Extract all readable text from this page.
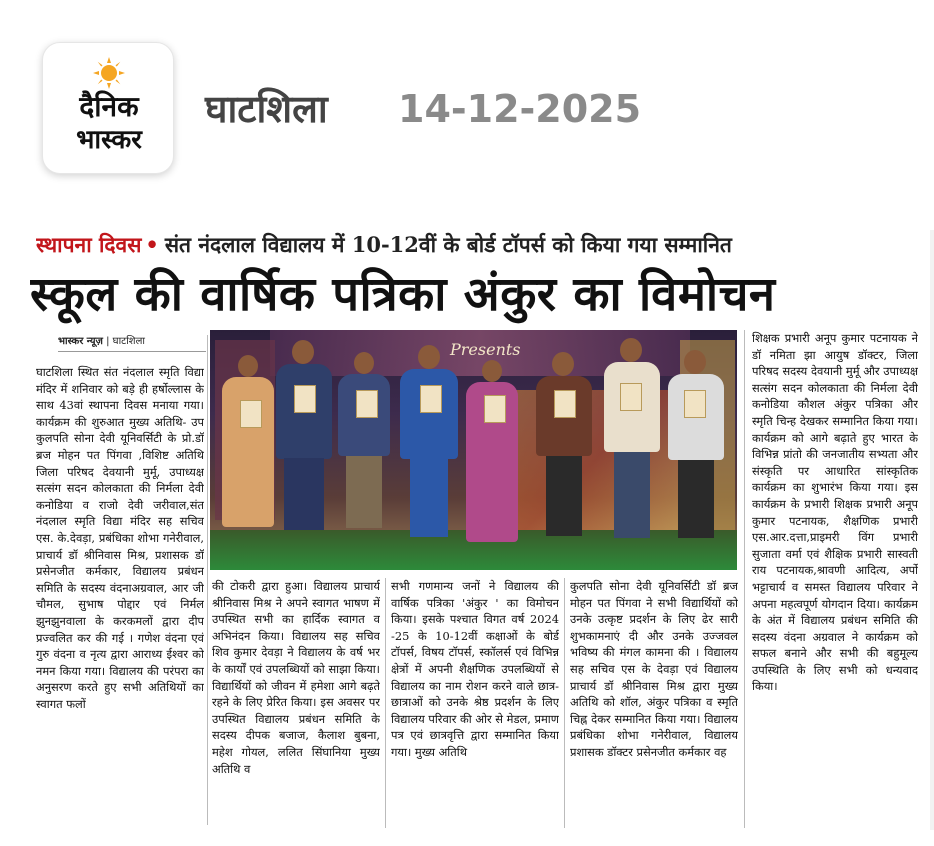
दैनिक
भास्कर
घाटशिला 14-12-2025
स्थापना दिवस • संत नंदलाल विद्यालय में 10-12वीं के बोर्ड टॉपर्स को किया गया सम्मानित
स्कूल की वार्षिक पत्रिका अंकुर का विमोचन
भास्कर न्यूज़ | घाटशिला

घाटशिला स्थित संत नंदलाल स्मृति विद्या मंदिर में शनिवार को बड़े ही हर्षोल्लास के साथ 43वां स्थापना दिवस मनाया गया। कार्यक्रम की शुरुआत मुख्य अतिथि- उप कुलपति सोना देवी यूनिवर्सिटी के प्रो.डॉ ब्रज मोहन पत पिंगवा ,विशिष्ट अतिथि जिला परिषद देवयानी मुर्मू, उपाध्यक्ष सत्संग सदन कोलकाता की निर्मला देवी कनोडिया व राजो देवी जरीवाल,संत नंदलाल स्मृति विद्या मंदिर सह सचिव एस. के.देवड़ा, प्रबंधिका शोभा गनेरीवाल, प्राचार्य डॉ श्रीनिवास मिश्र, प्रशासक डॉ प्रसेनजीत कर्मकार, विद्यालय प्रबंधन समिति के सदस्य वंदनाअग्रवाल, आर जी चौमल, सुभाष पोद्दार एवं निर्मल झुनझुनवाला के करकमलों द्वारा दीप प्रज्वलित कर की गई । गणेश वंदना एवं गुरु वंदना व नृत्य द्वारा आराध्य ईश्वर को नमन किया गया। विद्यालय की परंपरा का अनुसरण करते हुए सभी अतिथियों का स्वागत फलों

Presents

की टोकरी द्वारा हुआ। विद्यालय प्राचार्य श्रीनिवास मिश्र ने अपने स्वागत भाषण में उपस्थित सभी का हार्दिक स्वागत व अभिनंदन किया। विद्यालय सह सचिव शिव कुमार देवड़ा ने विद्यालय के वर्ष भर के कार्यों एवं उपलब्धियों को साझा किया। विद्यार्थियों को जीवन में हमेशा आगे बढ़ते रहने के लिए प्रेरित किया। इस अवसर पर उपस्थित विद्यालय प्रबंधन समिति के सदस्य दीपक बजाज, कैलाश बुबना, महेश गोयल, ललित सिंघानिया मुख्य अतिथि व

सभी गणमान्य जनों ने विद्यालय की वार्षिक पत्रिका 'अंकुर ' का विमोचन किया। इसके पश्चात विगत वर्ष 2024 -25 के 10-12वीं कक्षाओं के बोर्ड टॉपर्स, विषय टॉपर्स, स्कॉलर्स एवं विभिन्न क्षेत्रों में अपनी शैक्षणिक उपलब्धियों से विद्यालय का नाम रोशन करने वाले छात्र-छात्राओं को उनके श्रेष्ठ प्रदर्शन के लिए विद्यालय परिवार की ओर से मेडल, प्रमाण पत्र एवं छात्रवृत्ति द्वारा सम्मानित किया गया। मुख्य अतिथि

कुलपति सोना देवी यूनिवर्सिटी डॉ ब्रज मोहन पत पिंगवा ने सभी विद्यार्थियों को उनके उत्कृष्ट प्रदर्शन के लिए ढेर सारी शुभकामनाएं दी और उनके उज्जवल भविष्य की मंगल कामना की । विद्यालय सह सचिव एस के देवड़ा एवं विद्यालय प्राचार्य डॉ श्रीनिवास मिश्र द्वारा मुख्य अतिथि को शॉल, अंकुर पत्रिका व स्मृति चिह्न देकर सम्मानित किया गया। विद्यालय प्रबंधिका शोभा गनेरीवाल, विद्यालय प्रशासक डॉक्टर प्रसेनजीत कर्मकार वह

शिक्षक प्रभारी अनूप कुमार पटनायक ने डॉ नमिता झा आयुष डॉक्टर, जिला परिषद सदस्य देवयानी मुर्मू और उपाध्यक्ष सत्संग सदन कोलकाता की निर्मला देवी कनोडिया कौशल अंकुर पत्रिका और स्मृति चिन्ह देखकर सम्मानित किया गया। कार्यक्रम को आगे बढ़ाते हुए भारत के विभिन्न प्रांतो की जनजातीय सभ्यता और संस्कृति पर आधारित सांस्कृतिक कार्यक्रम का शुभारंभ किया गया। इस कार्यक्रम के प्रभारी शिक्षक प्रभारी अनूप कुमार पटनायक, शैक्षणिक प्रभारी एस.आर.दत्ता,प्राइमरी विंग प्रभारी सुजाता वर्मा एवं शैक्षिक प्रभारी सास्वती राय पटनायक,श्रावणी आदित्य, अर्पो भट्टाचार्य व समस्त विद्यालय परिवार ने अपना महत्वपूर्ण योगदान दिया। कार्यक्रम के अंत में विद्यालय प्रबंधन समिति की सदस्य वंदना अग्रवाल ने कार्यक्रम को सफल बनाने और सभी की बहुमूल्य उपस्थिति के लिए सभी को धन्यवाद किया।
